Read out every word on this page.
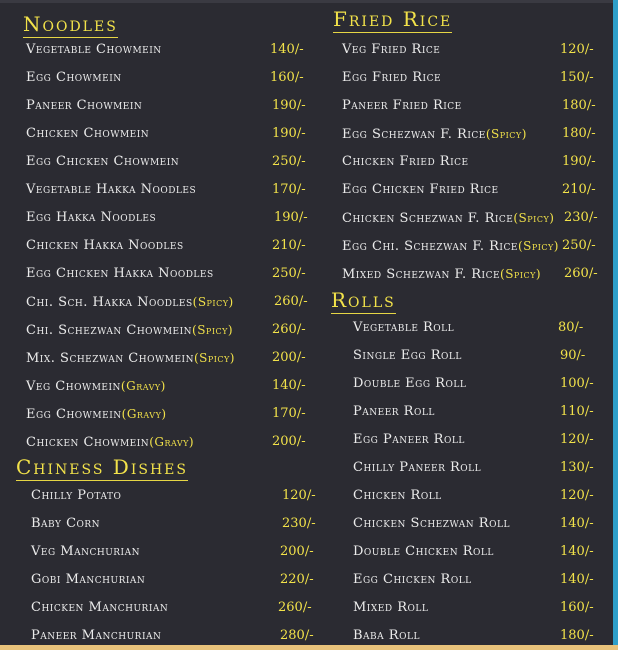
Noodles
Chiness Dishes
Fried Rice
Rolls
Vegetable Chowmein
Egg Chowmein
Paneer Chowmein
Chicken Chowmein
Egg Chicken Chowmein
Vegetable Hakka Noodles
Egg Hakka Noodles
Chicken Hakka Noodles
Egg Chicken Hakka Noodles
Chi. Sch. Hakka Noodles(Spicy)
Chi. Schezwan Chowmein(Spicy)
Mix. Schezwan Chowmein(Spicy)
Veg Chowmein(Gravy)
Egg Chowmein(Gravy)
Chicken Chowmein(Gravy)
140/-
160/-
190/-
190/-
250/-
170/-
190/-
210/-
250/-
260/-
260/-
200/-
140/-
170/-
200/-
Chilly Potato
Baby Corn
Veg Manchurian
Gobi Manchurian
Chicken Manchurian
Paneer Manchurian
120/-
230/-
200/-
220/-
260/-
280/-
Veg Fried Rice
Egg Fried Rice
Paneer Fried Rice
Egg Schezwan F. Rice(Spicy)
Chicken Fried Rice
Egg Chicken Fried Rice
Chicken Schezwan F. Rice(Spicy)
Egg Chi. Schezwan F. Rice(Spicy)
Mixed Schezwan F. Rice(Spicy)
120/-
150/-
180/-
180/-
190/-
210/-
230/-
250/-
260/-
Vegetable Roll
Single Egg Roll
Double Egg Roll
Paneer Roll
Egg Paneer Roll
Chilly Paneer Roll
Chicken Roll
Chicken Schezwan Roll
Double Chicken Roll
Egg Chicken Roll
Mixed Roll
Baba Roll
80/-
90/-
100/-
110/-
120/-
130/-
120/-
140/-
140/-
140/-
160/-
180/-
